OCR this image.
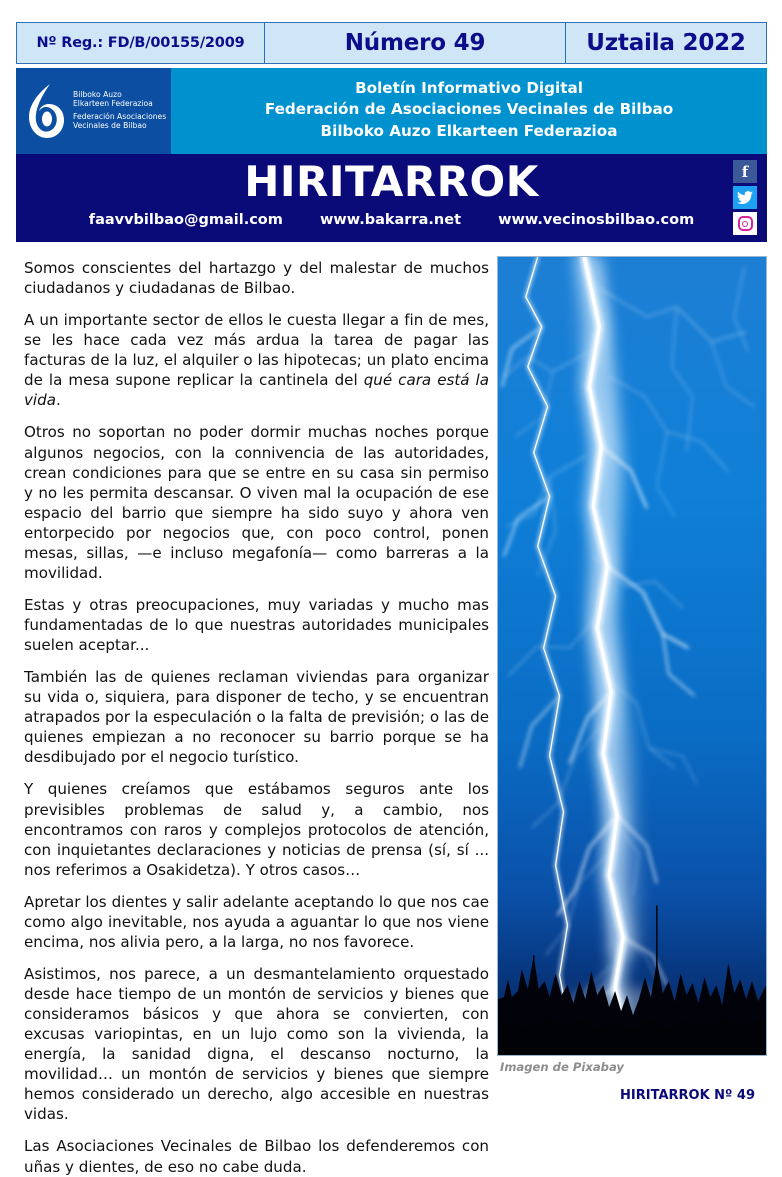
Nº Reg.: FD/B/00155/2009	Número 49	Uztaila 2022
Bilboko Auzo
Elkarteen Federazioa
Federación Asociaciones
Vecinales de Bilbao
Boletín Informativo Digital
Federación de Asociaciones Vecinales de Bilbao
Bilboko Auzo Elkarteen Federazioa
HIRITARROK
faavvbilbao@gmail.com	www.bakarra.net	www.vecinosbilbao.com
f

Somos conscientes del hartazgo y del malestar de muchos ciudadanos y ciudadanas de Bilbao.

A un importante sector de ellos le cuesta llegar a fin de mes, se les hace cada vez más ardua la tarea de pagar las facturas de la luz, el alquiler o las hipotecas; un plato encima de la mesa supone replicar la cantinela del qué cara está la vida.

Otros no soportan no poder dormir muchas noches porque algunos negocios, con la connivencia de las autoridades, crean condiciones para que se entre en su casa sin permiso y no les permita descansar. O viven mal la ocupación de ese espacio del barrio que siempre ha sido suyo y ahora ven entorpecido por negocios que, con poco control, ponen mesas, sillas, —e incluso megafonía— como barreras a la movilidad.

Estas y otras preocupaciones, muy variadas y mucho mas fundamentadas de lo que nuestras autoridades municipales suelen aceptar...

También las de quienes reclaman viviendas para organizar su vida o, siquiera, para disponer de techo, y se encuentran atrapados por la especulación o la falta de previsión; o las de quienes empiezan a no reconocer su barrio porque se ha desdibujado por el negocio turístico.

Y quienes creíamos que estábamos seguros ante los previsibles problemas de salud y, a cambio, nos encontramos con raros y complejos protocolos de atención, con inquietantes declaraciones y noticias de prensa (sí, sí ... nos referimos a Osakidetza). Y otros casos…

Apretar los dientes y salir adelante aceptando lo que nos cae como algo inevitable, nos ayuda a aguantar lo que nos viene encima, nos alivia pero, a la larga, no nos favorece.

Asistimos, nos parece, a un desmantelamiento orquestado desde hace tiempo de un montón de servicios y bienes que consideramos básicos y que ahora se convierten, con excusas variopintas, en un lujo como son la vivienda, la energía, la sanidad digna, el descanso nocturno, la movilidad… un montón de servicios y bienes que siempre hemos considerado un derecho, algo accesible en nuestras vidas.

Las Asociaciones Vecinales de Bilbao los defenderemos con uñas y dientes, de eso no cabe duda.

Imagen de Pixabay
HIRITARROK Nº 49
